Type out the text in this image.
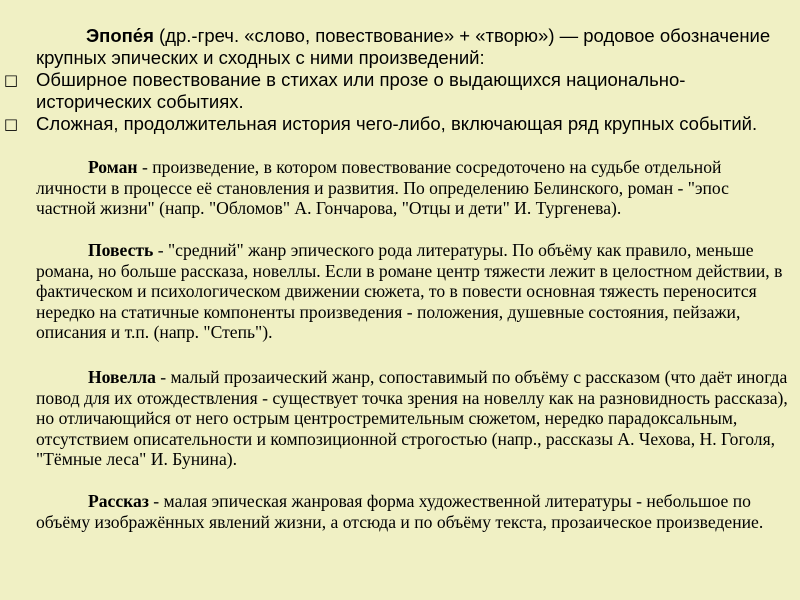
Эпопе́я (др.-греч. «слово, повествование» + «творю») — родовое обозначение крупных эпических и сходных с ними произведений:

□ Обширное повествование в стихах или прозе о выдающихся национально-исторических событиях.
□ Сложная, продолжительная история чего-либо, включающая ряд крупных событий.

Роман - произведение, в котором повествование сосредоточено на судьбе отдельной личности в процессе её становления и развития. По определению Белинского, роман - "эпос частной жизни" (напр. "Обломов" А. Гончарова, "Отцы и дети" И. Тургенева).

Повесть - "средний" жанр эпического рода литературы. По объёму как правило, меньше романа, но больше рассказа, новеллы. Если в романе центр тяжести лежит в целостном действии, в фактическом и психологическом движении сюжета, то в повести основная тяжесть переносится нередко на статичные компоненты произведения - положения, душевные состояния, пейзажи, описания и т.п. (напр. "Степь").

Новелла - малый прозаический жанр, сопоставимый по объёму с рассказом (что даёт иногда повод для их отождествления - существует точка зрения на новеллу как на разновидность рассказа), но отличающийся от него острым центростремительным сюжетом, нередко парадоксальным, отсутствием описательности и композиционной строгостью (напр., рассказы А. Чехова, Н. Гоголя, "Тёмные леса" И. Бунина).

Рассказ - малая эпическая жанровая форма художественной литературы - небольшое по объёму изображённых явлений жизни, а отсюда и по объёму текста, прозаическое произведение.
